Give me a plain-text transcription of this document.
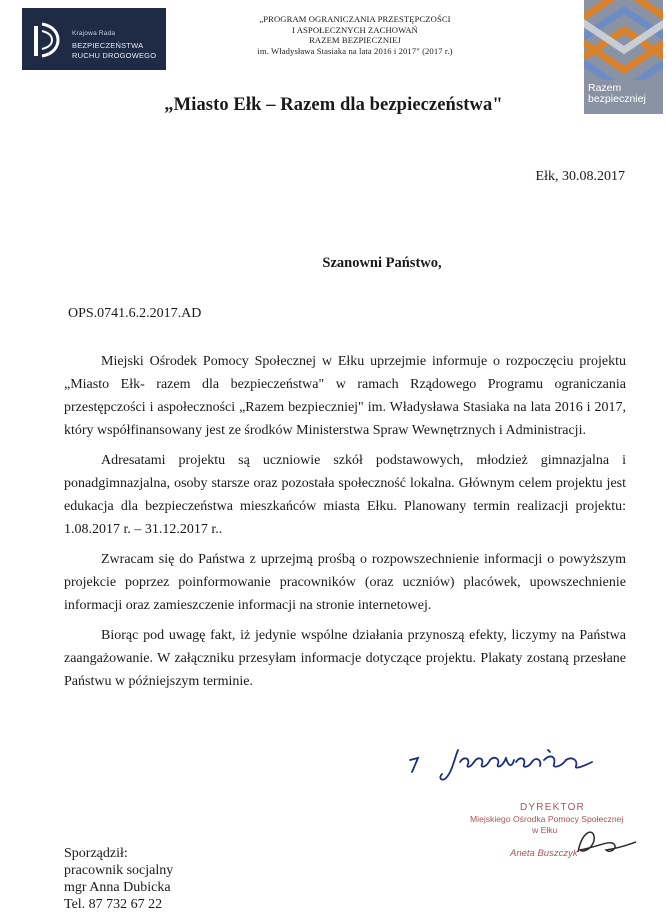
Krajowa Rada
BEZPIECZEŃSTWA
RUCHU DROGOWEGO
„PROGRAM OGRANICZANIA PRZESTĘPCZOŚCI
I ASPOŁECZNYCH ZACHOWAŃ
RAZEM BEZPIECZNIEJ
im. Władysława Stasiaka na lata 2016 i 2017" (2017 r.)
Razem
bezpieczniej
„Miasto Ełk – Razem dla bezpieczeństwa"
Ełk, 30.08.2017
Szanowni Państwo,
OPS.0741.6.2.2017.AD

Miejski Ośrodek Pomocy Społecznej w Ełku uprzejmie informuje o rozpoczęciu projektu „Miasto Ełk- razem dla bezpieczeństwa" w ramach Rządowego Programu ograniczania przestępczości i aspołeczności „Razem bezpieczniej" im. Władysława Stasiaka na lata 2016 i 2017, który współfinansowany jest ze środków Ministerstwa Spraw Wewnętrznych i Administracji.

Adresatami projektu są uczniowie szkół podstawowych, młodzież gimnazjalna i ponadgimnazjalna, osoby starsze oraz pozostała społeczność lokalna. Głównym celem projektu jest edukacja dla bezpieczeństwa mieszkańców miasta Ełku. Planowany termin realizacji projektu: 1.08.2017 r. – 31.12.2017 r..

Zwracam się do Państwa z uprzejmą prośbą o rozpowszechnienie informacji o powyższym projekcie poprzez poinformowanie pracowników (oraz uczniów) placówek, upowszechnienie informacji oraz zamieszczenie informacji na stronie internetowej.

Biorąc pod uwagę fakt, iż jedynie wspólne działania przynoszą efekty, liczymy na Państwa zaangażowanie. W załączniku przesyłam informacje dotyczące projektu. Plakaty zostaną przesłane Państwu w późniejszym terminie.

DYREKTOR
Miejskiego Ośrodka Pomocy Społecznej
w Ełku
Aneta Buszczyk
Sporządził:
pracownik socjalny
mgr Anna Dubicka
Tel. 87 732 67 22
